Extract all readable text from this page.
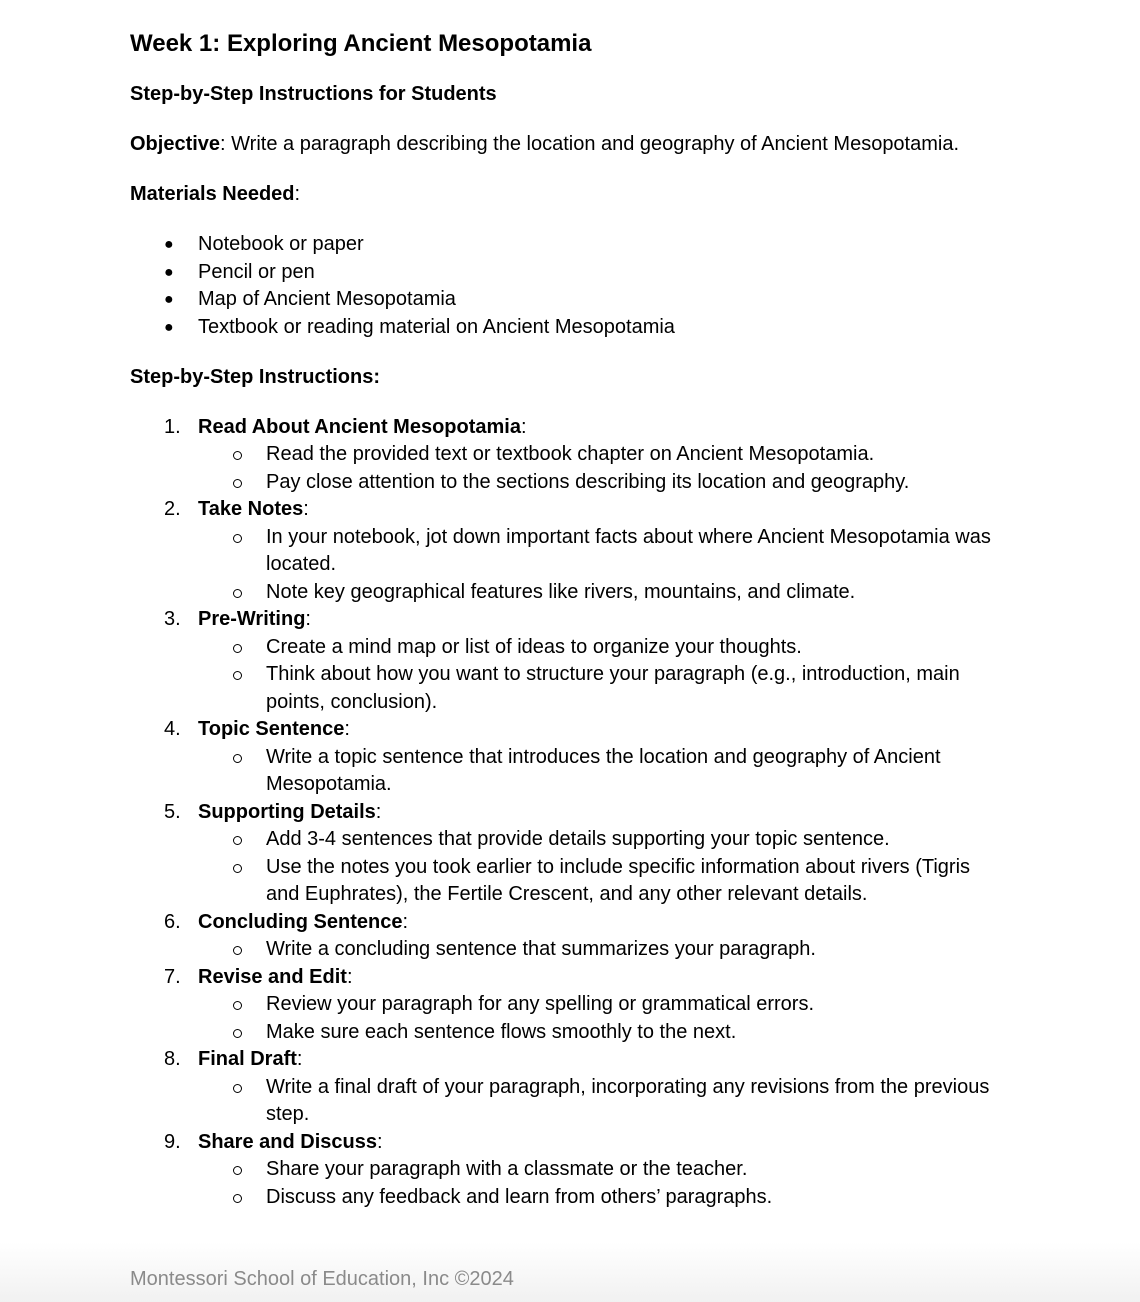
Week 1: Exploring Ancient Mesopotamia
Step-by-Step Instructions for Students

Objective: Write a paragraph describing the location and geography of Ancient Mesopotamia.

Materials Needed:

● Notebook or paper
● Pencil or pen
● Map of Ancient Mesopotamia
● Textbook or reading material on Ancient Mesopotamia

Step-by-Step Instructions:

1. Read About Ancient Mesopotamia:
Read the provided text or textbook chapter on Ancient Mesopotamia.
Pay close attention to the sections describing its location and geography.
2. Take Notes:
In your notebook, jot down important facts about where Ancient Mesopotamia was located.
Note key geographical features like rivers, mountains, and climate.
3. Pre-Writing:
Create a mind map or list of ideas to organize your thoughts.
Think about how you want to structure your paragraph (e.g., introduction, main points, conclusion).
4. Topic Sentence:
Write a topic sentence that introduces the location and geography of Ancient Mesopotamia.
5. Supporting Details:
Add 3-4 sentences that provide details supporting your topic sentence.
Use the notes you took earlier to include specific information about rivers (Tigris and Euphrates), the Fertile Crescent, and any other relevant details.
6. Concluding Sentence:
Write a concluding sentence that summarizes your paragraph.
7. Revise and Edit:
Review your paragraph for any spelling or grammatical errors.
Make sure each sentence flows smoothly to the next.
8. Final Draft:
Write a final draft of your paragraph, incorporating any revisions from the previous step.
9. Share and Discuss:
Share your paragraph with a classmate or the teacher.
Discuss any feedback and learn from others’ paragraphs.
Montessori School of Education, Inc ©2024
